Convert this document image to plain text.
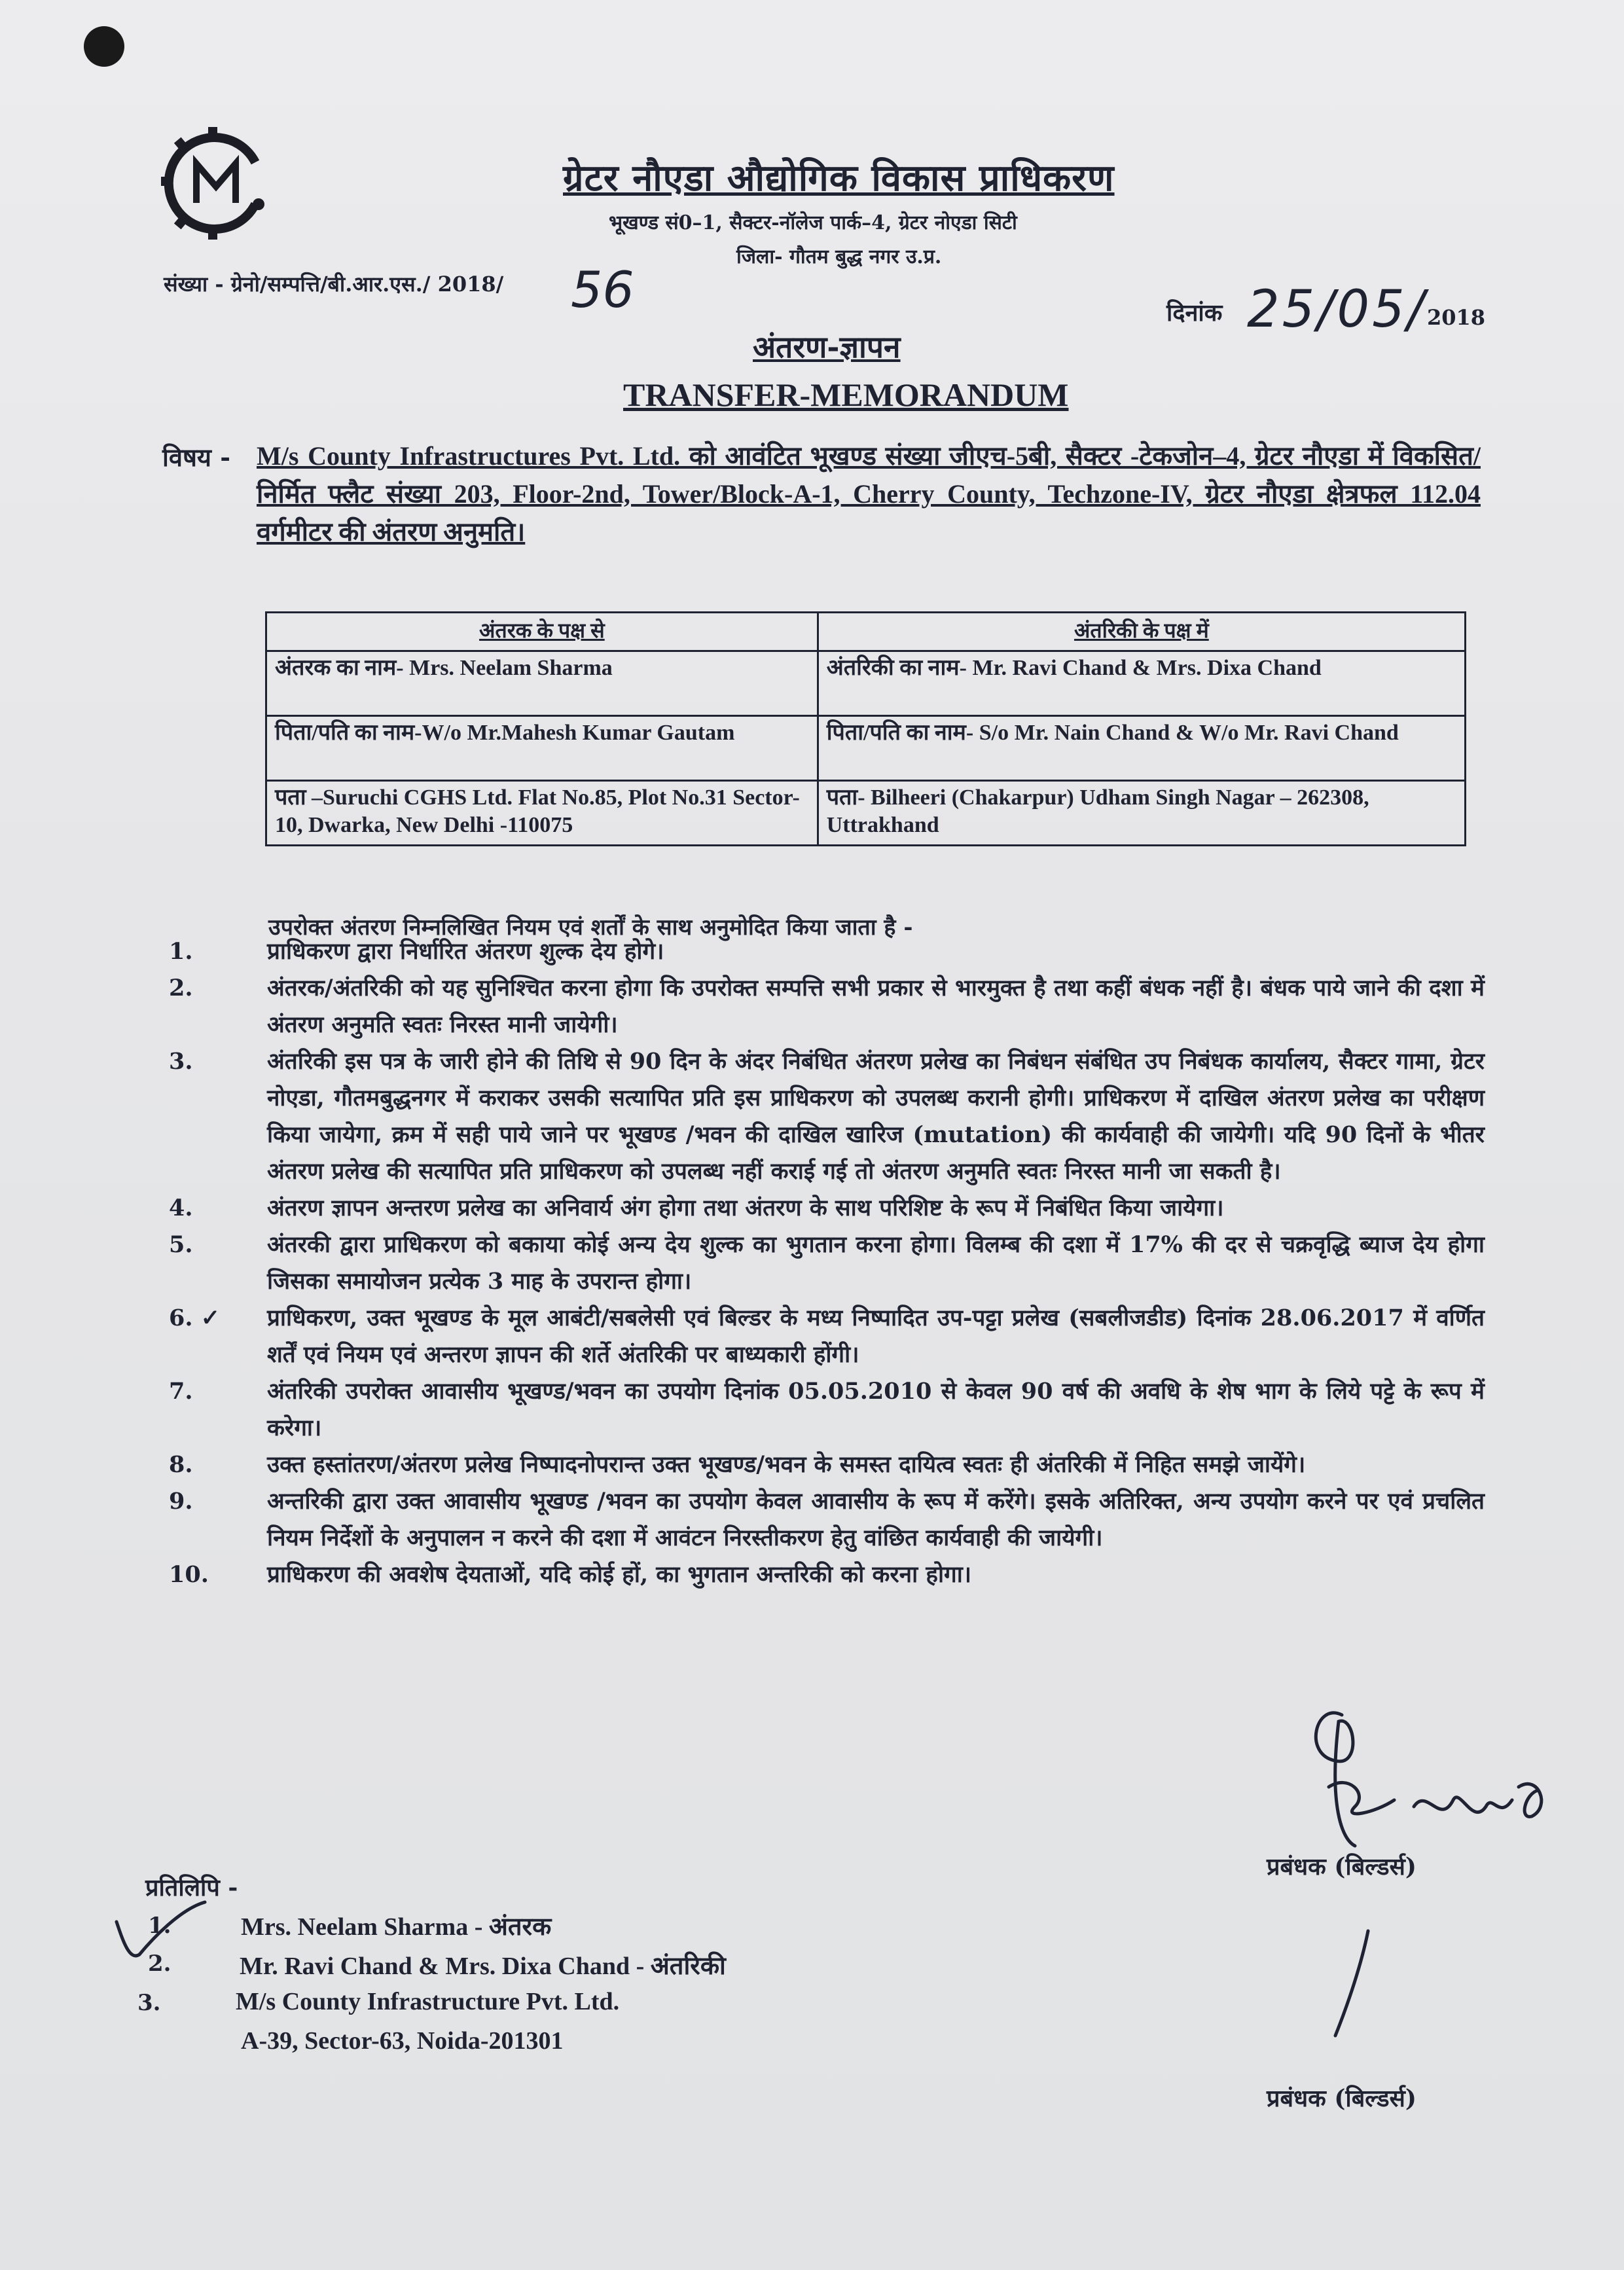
ग्रेटर नौएडा औद्योगिक विकास प्राधिकरण
भूखण्ड सं0–1, सैक्टर-नॉलेज पार्क–4, ग्रेटर नोएडा सिटी
जिला- गौतम बुद्ध नगर उ.प्र.
संख्या - ग्रेनो/सम्पत्ति/बी.आर.एस./ 2018/ 56	दिनांक 25/05/ 2018
अंतरण-ज्ञापन
TRANSFER-MEMORANDUM
विषय - M/s County Infrastructures Pvt. Ltd. को आवंटित भूखण्ड संख्या जीएच-5बी, सैक्टर -टेकजोन–4, ग्रेटर नौएडा में विकसित/निर्मित फ्लैट संख्या 203, Floor-2nd, Tower/Block-A-1, Cherry County, Techzone-IV, ग्रेटर नौएडा क्षेत्रफल 112.04 वर्गमीटर की अंतरण अनुमति।
अंतरक के पक्ष से	अंतरिकी के पक्ष में
अंतरक का नाम- Mrs. Neelam Sharma	अंतरिकी का नाम- Mr. Ravi Chand & Mrs. Dixa Chand
पिता/पति का नाम-W/o Mr.Mahesh Kumar Gautam	पिता/पति का नाम- S/o Mr. Nain Chand & W/o Mr. Ravi Chand
पता –Suruchi CGHS Ltd. Flat No.85, Plot No.31 Sector-10, Dwarka, New Delhi -110075	पता- Bilheeri (Chakarpur) Udham Singh Nagar – 262308, Uttrakhand
उपरोक्त अंतरण निम्नलिखित नियम एवं शर्तों के साथ अनुमोदित किया जाता है -
1.	प्राधिकरण द्वारा निर्धारित अंतरण शुल्क देय होगे।
2.	अंतरक/अंतरिकी को यह सुनिश्चित करना होगा कि उपरोक्त सम्पत्ति सभी प्रकार से भारमुक्त है तथा कहीं बंधक नहीं है। बंधक पाये जाने की दशा में अंतरण अनुमति स्वतः निरस्त मानी जायेगी।
3.	अंतरिकी इस पत्र के जारी होने की तिथि से 90 दिन के अंदर निबंधित अंतरण प्रलेख का निबंधन संबंधित उप निबंधक कार्यालय, सैक्टर गामा, ग्रेटर नोएडा, गौतमबुद्धनगर में कराकर उसकी सत्यापित प्रति इस प्राधिकरण को उपलब्ध करानी होगी। प्राधिकरण में दाखिल अंतरण प्रलेख का परीक्षण किया जायेगा, क्रम में सही पाये जाने पर भूखण्ड /भवन की दाखिल खारिज (mutation) की कार्यवाही की जायेगी। यदि 90 दिनों के भीतर अंतरण प्रलेख की सत्यापित प्रति प्राधिकरण को उपलब्ध नहीं कराई गई तो अंतरण अनुमति स्वतः निरस्त मानी जा सकती है।
4.	अंतरण ज्ञापन अन्तरण प्रलेख का अनिवार्य अंग होगा तथा अंतरण के साथ परिशिष्ट के रूप में निबंधित किया जायेगा।
5.	अंतरकी द्वारा प्राधिकरण को बकाया कोई अन्य देय शुल्क का भुगतान करना होगा। विलम्ब की दशा में 17% की दर से चक्रवृद्धि ब्याज देय होगा जिसका समायोजन प्रत्येक 3 माह के उपरान्त होगा।
6. ✓	प्राधिकरण, उक्त भूखण्ड के मूल आबंटी/सबलेसी एवं बिल्डर के मध्य निष्पादित उप-पट्टा प्रलेख (सबलीजडीड) दिनांक 28.06.2017 में वर्णित शर्तें एवं नियम एवं अन्तरण ज्ञापन की शर्ते अंतरिकी पर बाध्यकारी होंगी।
7.	अंतरिकी उपरोक्त आवासीय भूखण्ड/भवन का उपयोग दिनांक 05.05.2010 से केवल 90 वर्ष की अवधि के शेष भाग के लिये पट्टे के रूप में करेगा।
8.	उक्त हस्तांतरण/अंतरण प्रलेख निष्पादनोपरान्त उक्त भूखण्ड/भवन के समस्त दायित्व स्वतः ही अंतरिकी में निहित समझे जायेंगे।
9.	अन्तरिकी द्वारा उक्त आवासीय भूखण्ड /भवन का उपयोग केवल आवासीय के रूप में करेंगे। इसके अतिरिक्त, अन्य उपयोग करने पर एवं प्रचलित नियम निर्देशों के अनुपालन न करने की दशा में आवंटन निरस्तीकरण हेतु वांछित कार्यवाही की जायेगी।
10.	प्राधिकरण की अवशेष देयताओं, यदि कोई हों, का भुगतान अन्तरिकी को करना होगा।
प्रबंधक (बिल्डर्स)
प्रबंधक (बिल्डर्स)
प्रतिलिपि -
1.	Mrs. Neelam Sharma - अंतरक
2.	Mr. Ravi Chand & Mrs. Dixa Chand - अंतरिकी
3.	M/s County Infrastructure Pvt. Ltd.
A-39, Sector-63, Noida-201301
